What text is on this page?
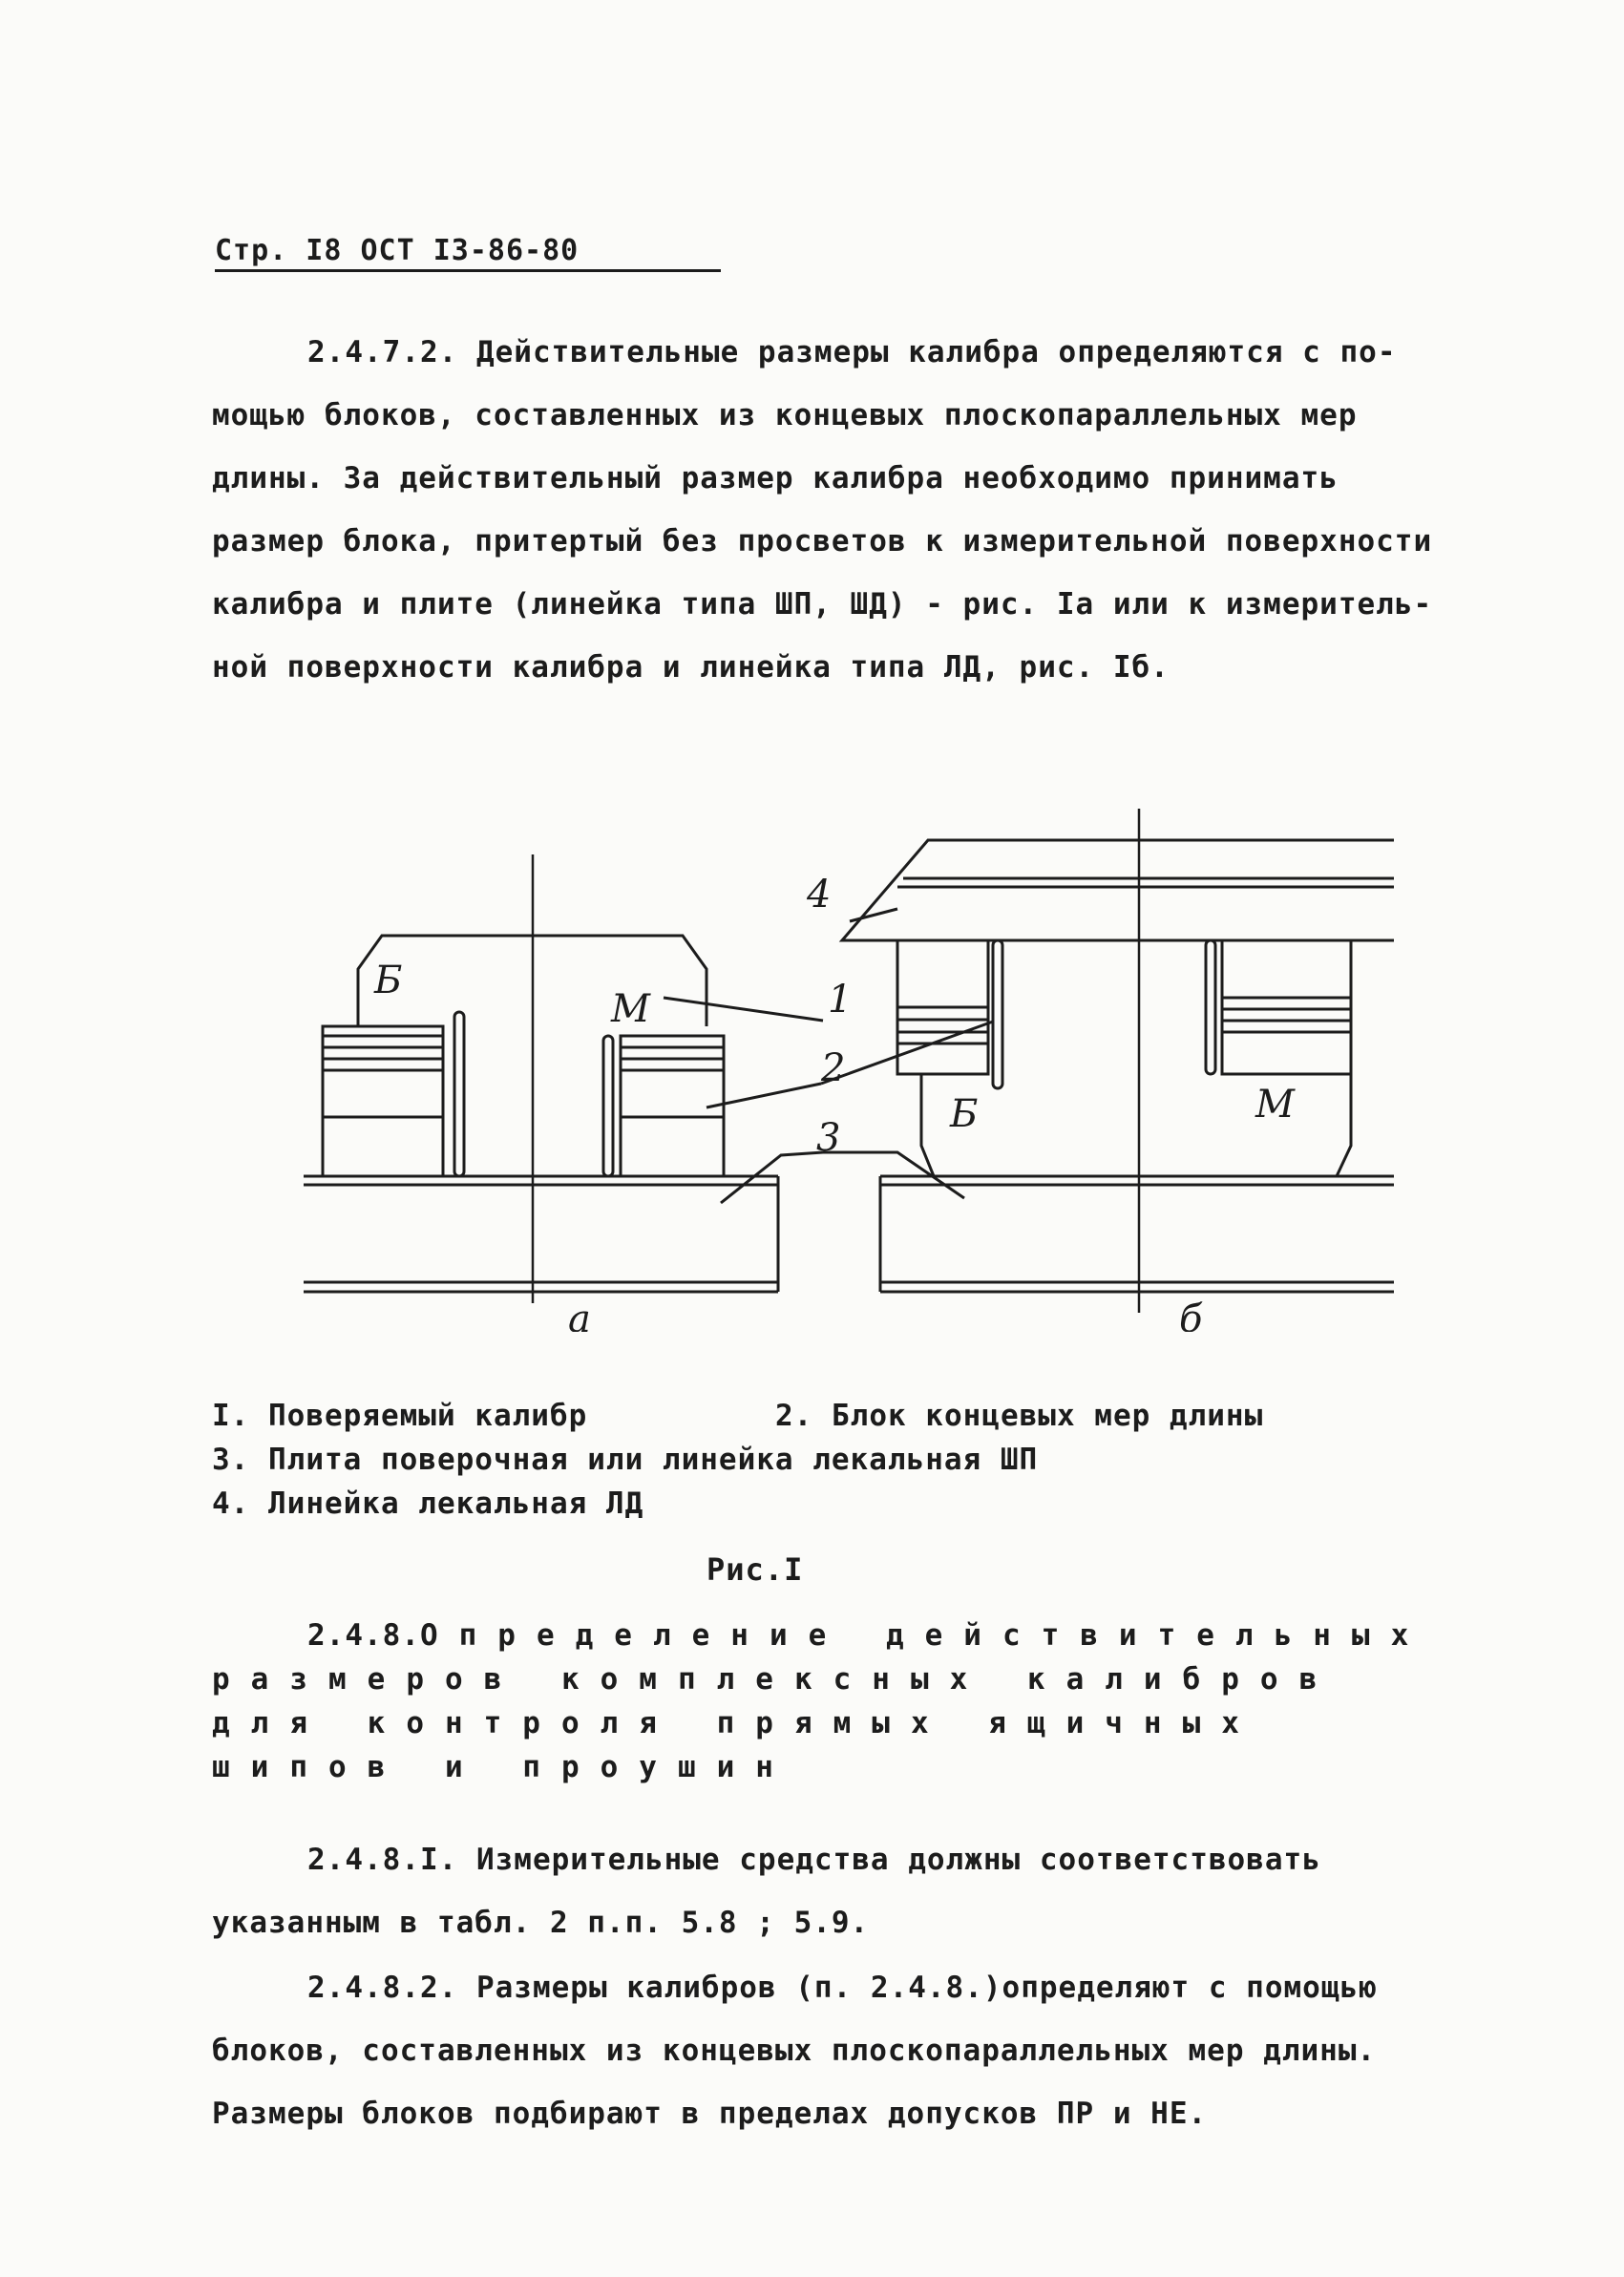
Стр. I8 ОСТ I3-86-80
2.4.7.2. Действительные размеры калибра определяются с по-
мощью блоков, составленных из концевых плоскопараллельных мер
длины. За действительный размер калибра необходимо принимать
размер блока, притертый без просветов к измерительной поверхности
калибра и плите (линейка типа ШП, ШД) - рис. Iа или к измеритель-
ной поверхности калибра и линейка типа ЛД, рис. Iб.
Б
М	1
2
3
4
Б	М
а	б
I. Поверяемый калибр	2. Блок концевых мер длины
3. Плита поверочная или линейка лекальная ШП
4. Линейка лекальная ЛД
Рис.I
2.4.8.Определение действительных
размеров комплексных калибров
для контроля прямых ящичных
шипов и проушин
2.4.8.I. Измерительные средства должны соответствовать
указанным в табл. 2 п.п. 5.8 ; 5.9.
2.4.8.2. Размеры калибров (п. 2.4.8.)определяют с помощью
блоков, составленных из концевых плоскопараллельных мер длины.
Размеры блоков подбирают в пределах допусков ПР и НЕ.
